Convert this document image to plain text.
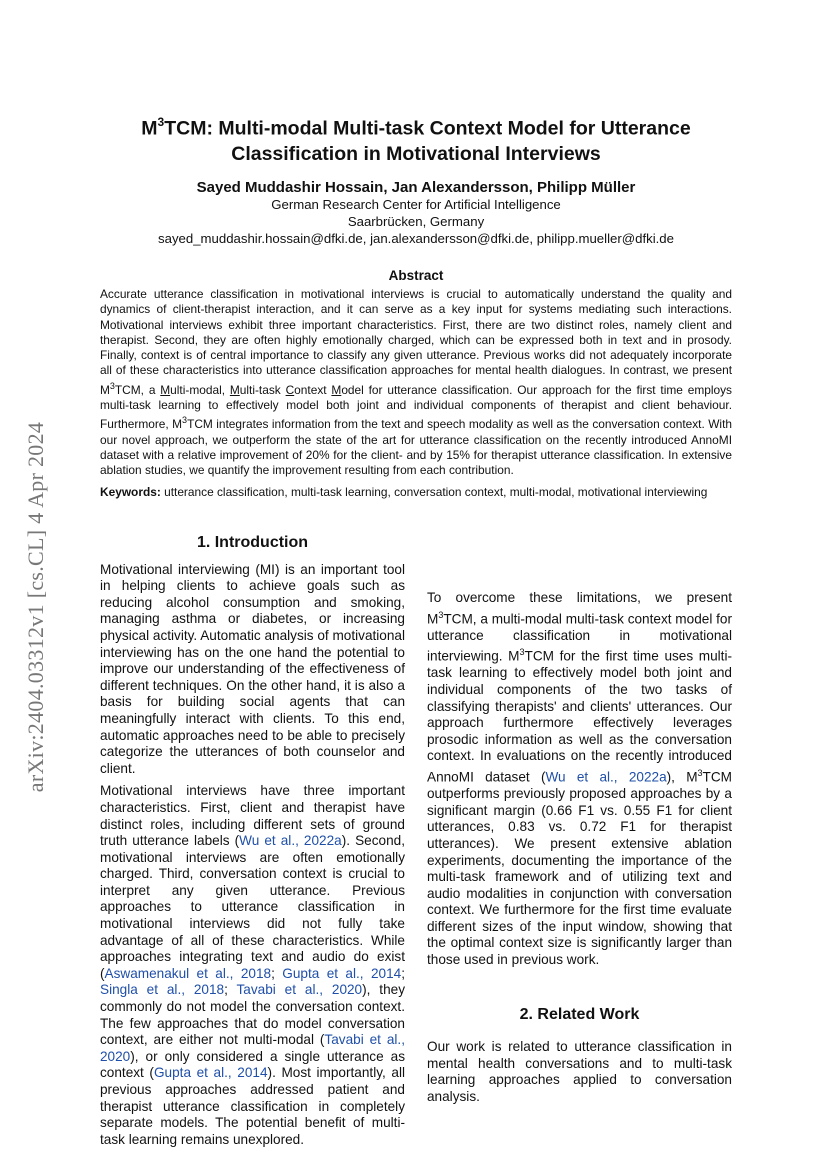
arXiv:2404.03312v1 [cs.CL] 4 Apr 2024
$M^3TCM$: Multi-modal Multi-task Context Model for Utterance
Classification in Motivational Interviews
Sayed Muddashir Hossain, Jan Alexandersson, Philipp Müller
German Research Center for Artificial Intelligence
Saarbrücken, Germany
sayed_muddashir.hossain@dfki.de, jan.alexandersson@dfki.de, philipp.mueller@dfki.de
Abstract

Accurate utterance classification in motivational interviews is crucial to automatically understand the quality and dynamics of client-therapist interaction, and it can serve as a key input for systems mediating such interactions. Motivational interviews exhibit three important characteristics. First, there are two distinct roles, namely client and therapist. Second, they are often highly emotionally charged, which can be expressed both in text and in prosody. Finally, context is of central importance to classify any given utterance. Previous works did not adequately incorporate all of these characteristics into utterance classification approaches for mental health dialogues. In contrast, we present $M^3TCM$, a Multi-modal, Multi-task Context Model for utterance classification. Our approach for the first time employs multi-task learning to effectively model both joint and individual components of therapist and client behaviour. Furthermore, $M^3TCM$ integrates information from the text and speech modality as well as the conversation context. With our novel approach, we outperform the state of the art for utterance classification on the recently introduced AnnoMI dataset with a relative improvement of 20% for the client- and by 15% for therapist utterance classification. In extensive ablation studies, we quantify the improvement resulting from each contribution.

Keywords: utterance classification, multi-task learning, conversation context, multi-modal, motivational interviewing

1. Introduction

Motivational interviewing (MI) is an important tool in helping clients to achieve goals such as reducing alcohol consumption and smoking, managing asthma or diabetes, or increasing physical activity. Automatic analysis of motivational interviewing has on the one hand the potential to improve our understanding of the effectiveness of different techniques. On the other hand, it is also a basis for building social agents that can meaningfully interact with clients. To this end, automatic approaches need to be able to precisely categorize the utterances of both counselor and client.

Motivational interviews have three important characteristics. First, client and therapist have distinct roles, including different sets of ground truth utterance labels (Wu et al., 2022a). Second, motivational interviews are often emotionally charged. Third, conversation context is crucial to interpret any given utterance. Previous approaches to utterance classification in motivational interviews did not fully take advantage of all of these characteristics. While approaches integrating text and audio do exist (Aswamenakul et al., 2018; Gupta et al., 2014; Singla et al., 2018; Tavabi et al., 2020), they commonly do not model the conversation context. The few approaches that do model conversation context, are either not multi-modal (Tavabi et al., 2020), or only considered a single utterance as context (Gupta et al., 2014). Most importantly, all previous approaches addressed patient and therapist utterance classification in completely separate models. The potential benefit of multi-task learning remains unexplored.

To overcome these limitations, we present $M^3TCM$, a multi-modal multi-task context model for utterance classification in motivational interviewing. $M^3TCM$ for the first time uses multi-task learning to effectively model both joint and individual components of the two tasks of classifying therapists' and clients' utterances. Our approach furthermore effectively leverages prosodic information as well as the conversation context. In evaluations on the recently introduced AnnoMI dataset (Wu et al., 2022a), $M^3TCM$ outperforms previously proposed approaches by a significant margin (0.66 F1 vs. 0.55 F1 for client utterances, 0.83 vs. 0.72 F1 for therapist utterances). We present extensive ablation experiments, documenting the importance of the multi-task framework and of utilizing text and audio modalities in conjunction with conversation context. We furthermore for the first time evaluate different sizes of the input window, showing that the optimal context size is significantly larger than those used in previous work.

2. Related Work

Our work is related to utterance classification in mental health conversations and to multi-task learning approaches applied to conversation analysis.
